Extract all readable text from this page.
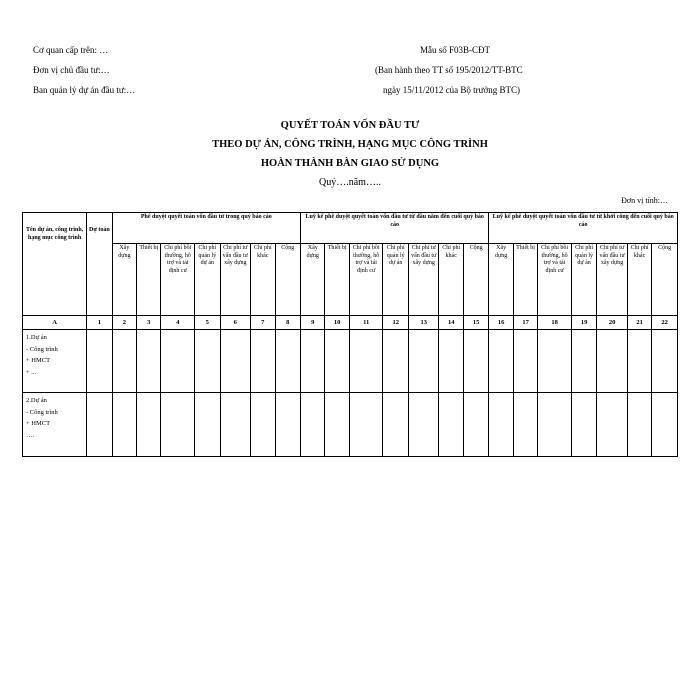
Cơ quan cấp trên: …
Đơn vị chủ đầu tư:…
Ban quản lý dự án đầu tư:…
Mẫu số F03B-CĐT
(Ban hành theo TT số 195/2012/TT-BTC
ngày 15/11/2012 của Bộ trưởng BTC)
QUYẾT TOÁN VỐN ĐẦU TƯ
THEO DỰ ÁN, CÔNG TRÌNH, HẠNG MỤC CÔNG TRÌNH
HOÀN THÀNH BÀN GIAO SỬ DỤNG
Quý….năm…..
Đơn vị tính:…
Tên dự án, công trình, hạng mục công trình	Dự toán	Phê duyệt quyết toán vốn đầu tư trong quý báo cáo							Luỹ kế phê duyệt quyết toán vốn đầu tư từ đầu năm đến cuối quý báo cáo							Luỹ kế phê duyệt quyết toán vốn đầu tư từ khởi công đến cuối quý báo cáo						
		Xây dựng	Thiết bị	Chi phí bồi thường, hỗ trợ và tái định cư	Chi phí quản lý dự án	Chi phí tư vấn đầu tư xây dựng	Chi phí khác	Cộng	Xây dựng	Thiết bị	Chi phí bồi thường, hỗ trợ và tái định cư	Chi phí quản lý dự án	Chi phí tư vấn đầu tư xây dựng	Chi phí khác	Cộng	Xây dựng	Thiết bị	Chi phí bồi thường, hỗ trợ và tái định cư	Chi phí quản lý dự án	Chi phí tư vấn đầu tư xây dựng	Chi phí khác	Cộng
A	1	2	3	4	5	6	7	8	9	10	11	12	13	14	15	16	17	18	19	20	21	22

1.Dự án
- Công trình
+ HMCT
+ ...																						

2.Dự án
- Công trình
+ HMCT
….																						
